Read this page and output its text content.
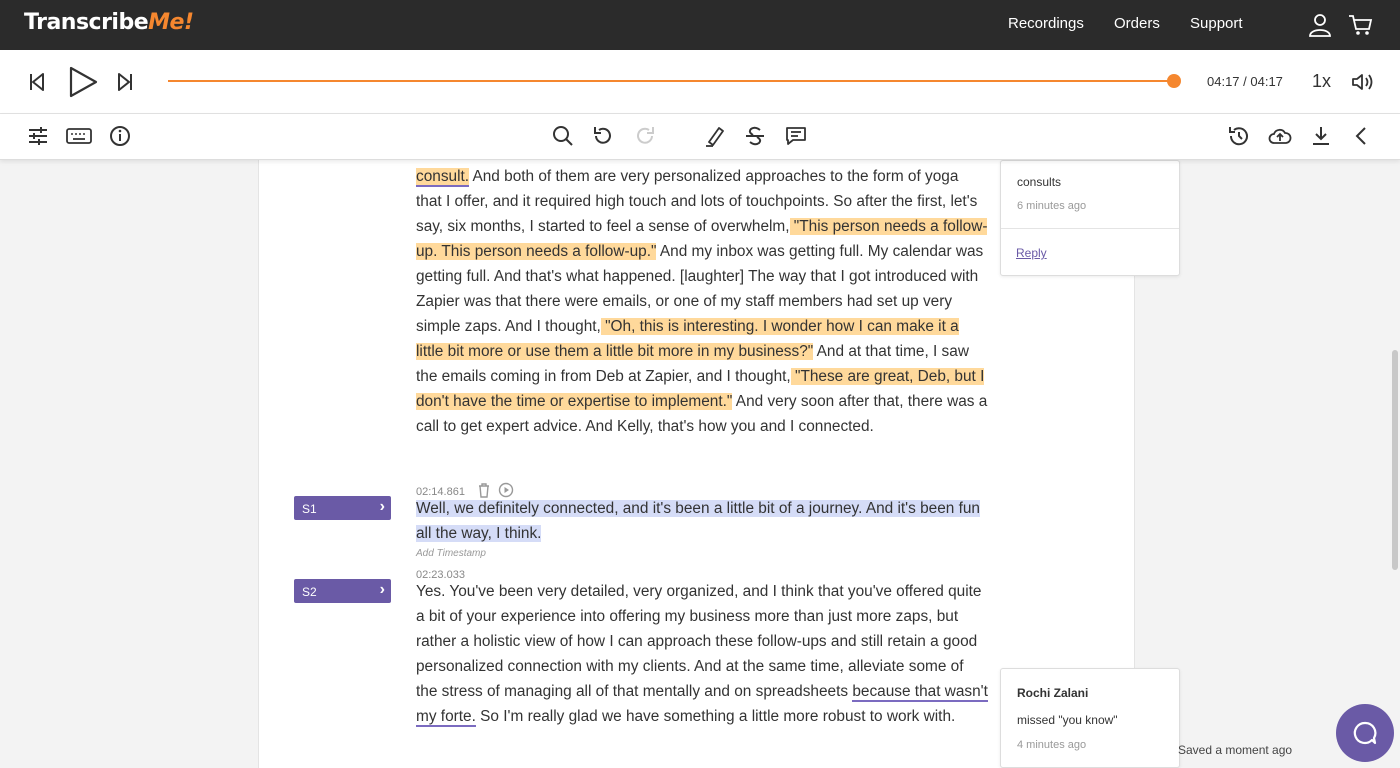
TranscribeMe!	Recordings Orders Support
04:17 / 04:17 1x
consult. And both of them are very personalized approaches to the form of yoga that I offer, and it required high touch and lots of touchpoints. So after the first, let's say, six months, I started to feel a sense of overwhelm, "This person needs a follow-up. This person needs a follow-up." And my inbox was getting full. My calendar was getting full. And that's what happened. [laughter] The way that I got introduced with Zapier was that there were emails, or one of my staff members had set up very simple zaps. And I thought, "Oh, this is interesting. I wonder how I can make it a little bit more or use them a little bit more in my business?" And at that time, I saw the emails coming in from Deb at Zapier, and I thought, "These are great, Deb, but I don't have the time or expertise to implement." And very soon after that, there was a call to get expert advice. And Kelly, that's how you and I connected.
02:14.861
S1	› Well, we definitely connected, and it's been a little bit of a journey. And it's been fun all the way, I think.
Add Timestamp
02:23.033
S2	› Yes. You've been very detailed, very organized, and I think that you've offered quite a bit of your experience into offering my business more than just more zaps, but rather a holistic view of how I can approach these follow-ups and still retain a good personalized connection with my clients. And at the same time, alleviate some of the stress of managing all of that mentally and on spreadsheets because that wasn't my forte. So I'm really glad we have something a little more robust to work with.
consults
6 minutes ago
Reply
Rochi Zalani
missed "you know"
4 minutes ago	Saved a moment ago
